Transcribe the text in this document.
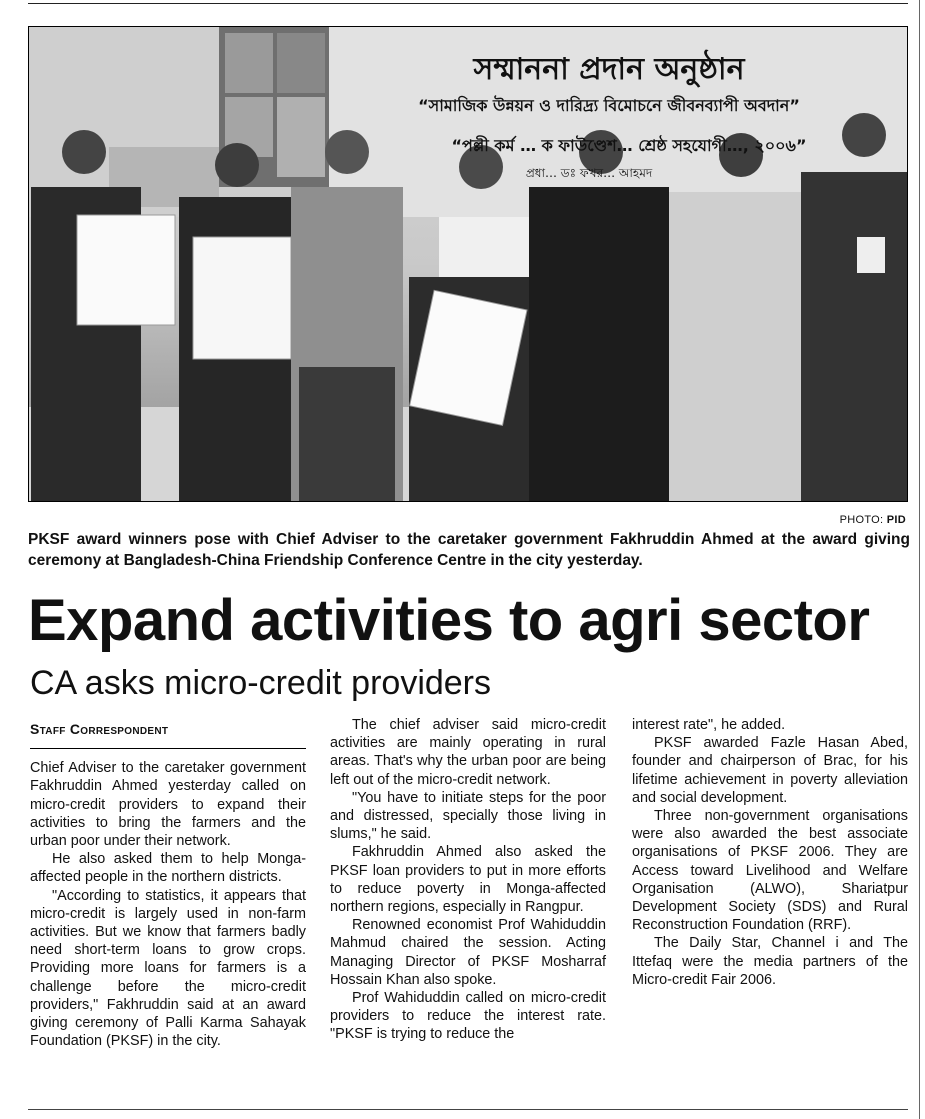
সম্মাননা প্রদান অনুষ্ঠান
“সামাজিক উন্নয়ন ও দারিদ্র্য বিমোচনে জীবনব্যাপী অবদান”
“পল্লী কর্ম … ক ফাউণ্ডেশ… শ্রেষ্ঠ সহযোগী…, ২০০৬”
প্রধা… ডঃ ফখর… আহমদ
PHOTO: PID
PKSF award winners pose with Chief Adviser to the caretaker government Fakhruddin Ahmed at the award giving ceremony at Bangladesh-China Friendship Conference Centre in the city yesterday.
Expand activities to agri sector
CA asks micro-credit providers
Staff Correspondent

Chief Adviser to the caretaker government Fakhruddin Ahmed yesterday called on micro-credit providers to expand their activities to bring the farmers and the urban poor under their network.

He also asked them to help Monga-affected people in the northern districts.

"According to statistics, it appears that micro-credit is largely used in non-farm activities. But we know that farmers badly need short-term loans to grow crops. Providing more loans for farmers is a challenge before the micro-credit providers," Fakhruddin said at an award giving ceremony of Palli Karma Sahayak Foundation (PKSF) in the city.

The chief adviser said micro-credit activities are mainly operating in rural areas. That's why the urban poor are being left out of the micro-credit network.

"You have to initiate steps for the poor and distressed, specially those living in slums," he said.

Fakhruddin Ahmed also asked the PKSF loan providers to put in more efforts to reduce poverty in Monga-affected northern regions, especially in Rangpur.

Renowned economist Prof Wahiduddin Mahmud chaired the session. Acting Managing Director of PKSF Mosharraf Hossain Khan also spoke.

Prof Wahiduddin called on micro-credit providers to reduce the interest rate. "PKSF is trying to reduce the

interest rate", he added.

PKSF awarded Fazle Hasan Abed, founder and chairperson of Brac, for his lifetime achievement in poverty alleviation and social development.

Three non-government organisations were also awarded the best associate organisations of PKSF 2006. They are Access toward Livelihood and Welfare Organisation (ALWO), Shariatpur Development Society (SDS) and Rural Reconstruction Foundation (RRF).

The Daily Star, Channel i and The Ittefaq were the media partners of the Micro-credit Fair 2006.
